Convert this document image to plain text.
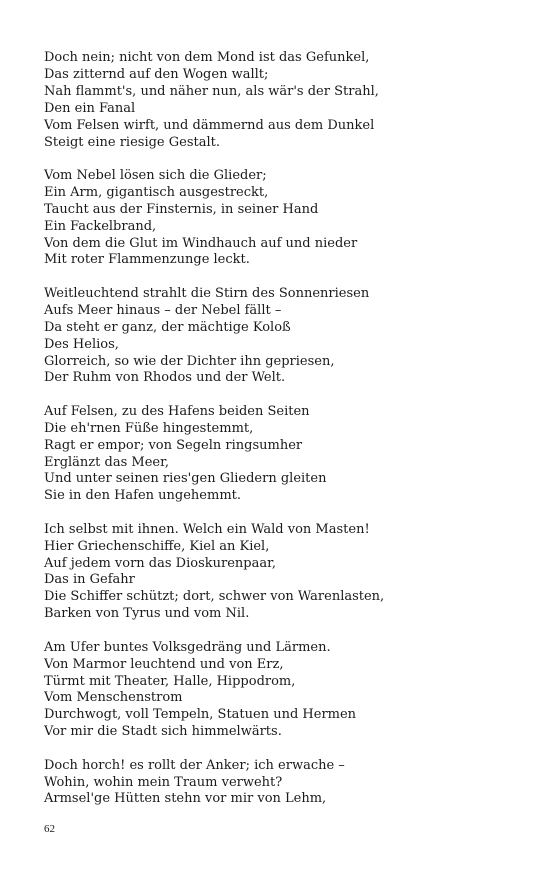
Doch nein; nicht von dem Mond ist das Gefunkel,
Das zitternd auf den Wogen wallt;
Nah flammt's, und näher nun, als wär's der Strahl,
Den ein Fanal
Vom Felsen wirft, und dämmernd aus dem Dunkel
Steigt eine riesige Gestalt.
Vom Nebel lösen sich die Glieder;
Ein Arm, gigantisch ausgestreckt,
Taucht aus der Finsternis, in seiner Hand
Ein Fackelbrand,
Von dem die Glut im Windhauch auf und nieder
Mit roter Flammenzunge leckt.
Weitleuchtend strahlt die Stirn des Sonnenriesen
Aufs Meer hinaus – der Nebel fällt –
Da steht er ganz, der mächtige Koloß
Des Helios,
Glorreich, so wie der Dichter ihn gepriesen,
Der Ruhm von Rhodos und der Welt.
Auf Felsen, zu des Hafens beiden Seiten
Die eh'rnen Füße hingestemmt,
Ragt er empor; von Segeln ringsumher
Erglänzt das Meer,
Und unter seinen ries'gen Gliedern gleiten
Sie in den Hafen ungehemmt.
Ich selbst mit ihnen. Welch ein Wald von Masten!
Hier Griechenschiffe, Kiel an Kiel,
Auf jedem vorn das Dioskurenpaar,
Das in Gefahr
Die Schiffer schützt; dort, schwer von Warenlasten,
Barken von Tyrus und vom Nil.
Am Ufer buntes Volksgedräng und Lärmen.
Von Marmor leuchtend und von Erz,
Türmt mit Theater, Halle, Hippodrom,
Vom Menschenstrom
Durchwogt, voll Tempeln, Statuen und Hermen
Vor mir die Stadt sich himmelwärts.
Doch horch! es rollt der Anker; ich erwache –
Wohin, wohin mein Traum verweht?
Armsel'ge Hütten stehn vor mir von Lehm,
62
